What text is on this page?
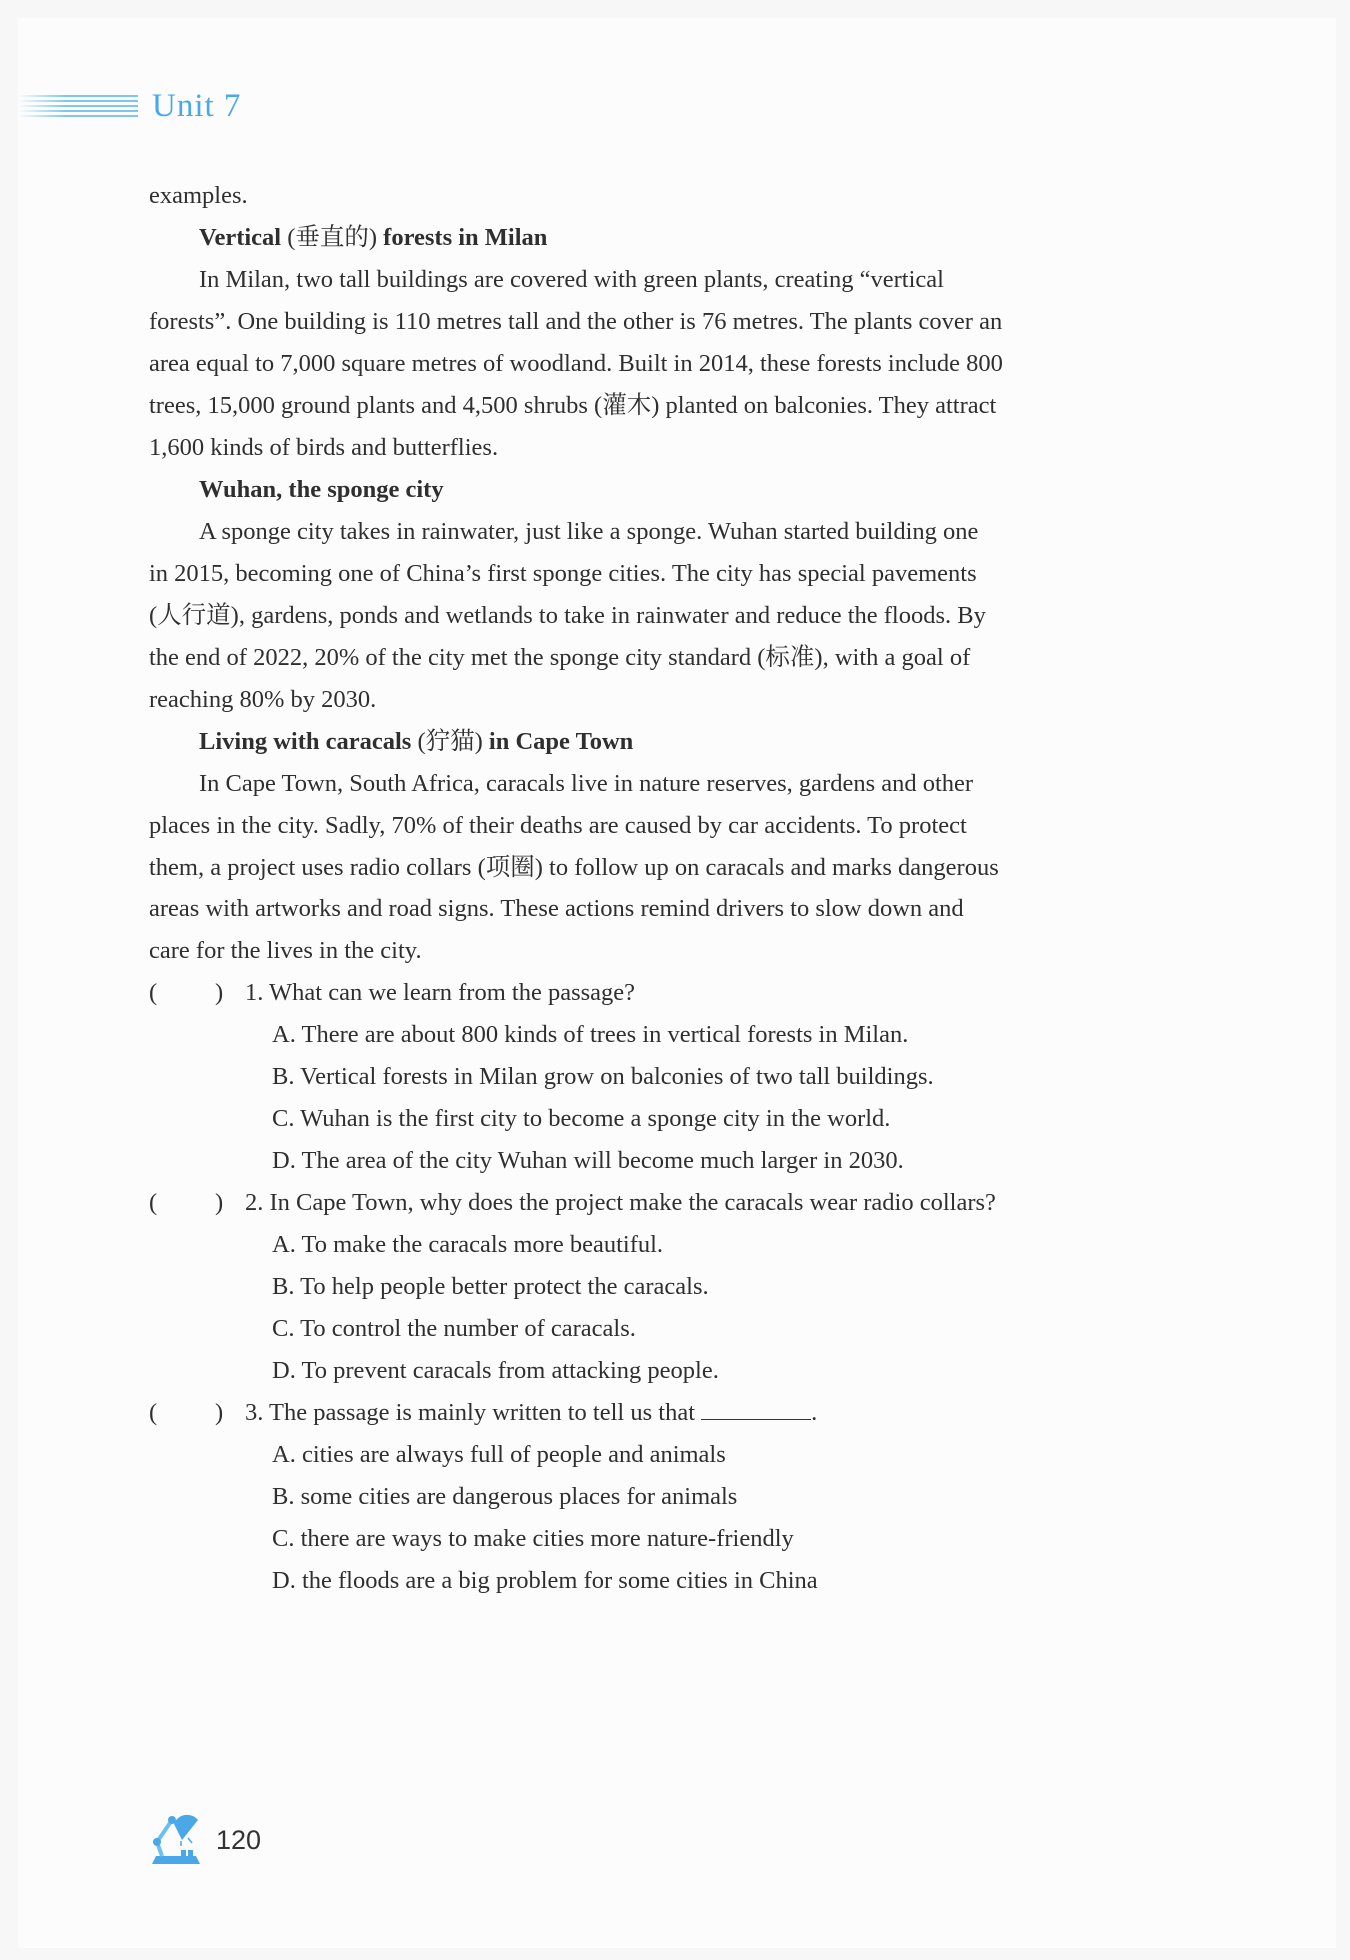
Unit 7
examples.
Vertical (垂直的) forests in Milan
In Milan, two tall buildings are covered with green plants, creating “vertical
forests”. One building is 110 metres tall and the other is 76 metres. The plants cover an
area equal to 7,000 square metres of woodland. Built in 2014, these forests include 800
trees, 15,000 ground plants and 4,500 shrubs (灌木) planted on balconies. They attract
1,600 kinds of birds and butterflies.
Wuhan, the sponge city
A sponge city takes in rainwater, just like a sponge. Wuhan started building one
in 2015, becoming one of China’s first sponge cities. The city has special pavements
(人行道), gardens, ponds and wetlands to take in rainwater and reduce the floods. By
the end of 2022, 20% of the city met the sponge city standard (标准), with a goal of
reaching 80% by 2030.
Living with caracals (狞猫) in Cape Town
In Cape Town, South Africa, caracals live in nature reserves, gardens and other
places in the city. Sadly, 70% of their deaths are caused by car accidents. To protect
them, a project uses radio collars (项圈) to follow up on caracals and marks dangerous
areas with artworks and road signs. These actions remind drivers to slow down and
care for the lives in the city.
( ) 1. What can we learn from the passage?
A. There are about 800 kinds of trees in vertical forests in Milan.
B. Vertical forests in Milan grow on balconies of two tall buildings.
C. Wuhan is the first city to become a sponge city in the world.
D. The area of the city Wuhan will become much larger in 2030.
( ) 2. In Cape Town, why does the project make the caracals wear radio collars?
A. To make the caracals more beautiful.
B. To help people better protect the caracals.
C. To control the number of caracals.
D. To prevent caracals from attacking people.
( ) 3. The passage is mainly written to tell us that	.
A. cities are always full of people and animals
B. some cities are dangerous places for animals
C. there are ways to make cities more nature-friendly
D. the floods are a big problem for some cities in China
120
